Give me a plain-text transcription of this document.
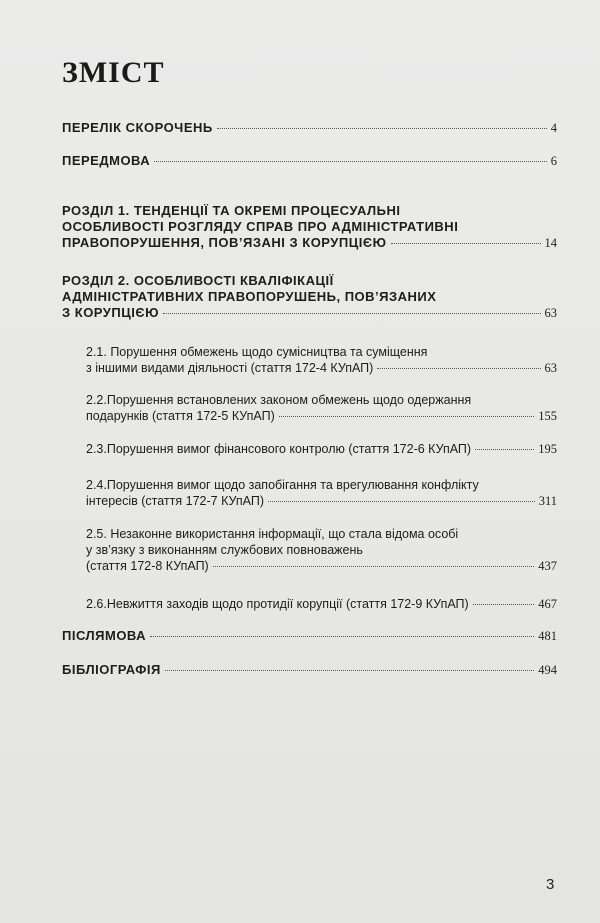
ЗМІСТ
ПЕРЕЛІК СКОРОЧЕНЬ	4
ПЕРЕДМОВА	6
РОЗДІЛ 1. ТЕНДЕНЦІЇ ТА ОКРЕМІ ПРОЦЕСУАЛЬНІ
ОСОБЛИВОСТІ РОЗГЛЯДУ СПРАВ ПРО АДМІНІСТРАТИВНІ
ПРАВОПОРУШЕННЯ, ПОВ’ЯЗАНІ З КОРУПЦІЄЮ	14
РОЗДІЛ 2. ОСОБЛИВОСТІ КВАЛІФІКАЦІЇ
АДМІНІСТРАТИВНИХ ПРАВОПОРУШЕНЬ, ПОВ’ЯЗАНИХ
З КОРУПЦІЄЮ	63
2.1. Порушення обмежень щодо сумісництва та суміщення
з іншими видами діяльності (стаття 172-4 КУпАП)	63
2.2.Порушення встановлених законом обмежень щодо одержання
подарунків (стаття 172-5 КУпАП)	155
2.3.Порушення вимог фінансового контролю (стаття 172-6 КУпАП)	195
2.4.Порушення вимог щодо запобігання та врегулювання конфлікту
інтересів (стаття 172-7 КУпАП)	311
2.5. Незаконне використання інформації, що стала відома особі
у зв’язку з виконанням службових повноважень
(стаття 172-8 КУпАП)	437
2.6.Невжиття заходів щодо протидії корупції (стаття 172-9 КУпАП)	467
ПІСЛЯМОВА	481
БІБЛІОГРАФІЯ	494
3
